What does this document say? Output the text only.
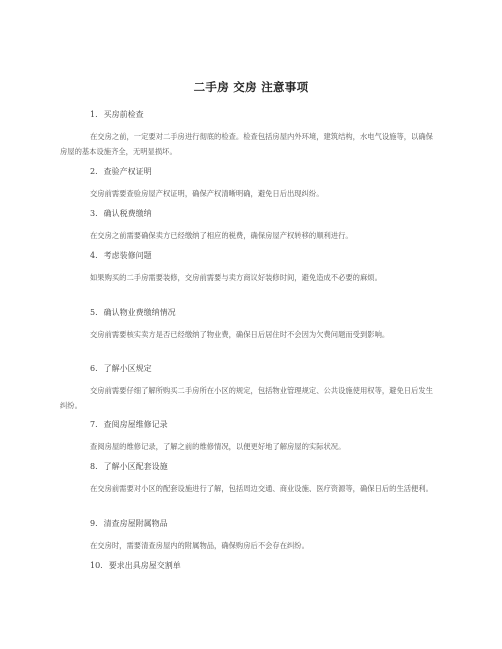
二手房 交房 注意事项
1. 买房前检查
在交房之前，一定要对二手房进行彻底的检查。检查包括房屋内外环境，建筑结构，水电气设施等，以确保房屋的基本设施齐全，无明显损坏。
2. 查验产权证明
交房前需要查验房屋产权证明，确保产权清晰明确，避免日后出现纠纷。
3. 确认税费缴纳
在交房之前需要确保卖方已经缴纳了相应的税费，确保房屋产权转移的顺利进行。
4. 考虑装修问题
如果购买的二手房需要装修，交房前需要与卖方商议好装修时间，避免造成不必要的麻烦。
5. 确认物业费缴纳情况
交房前需要核实卖方是否已经缴纳了物业费，确保日后居住时不会因为欠费问题而受到影响。
6. 了解小区规定
交房前需要仔细了解所购买二手房所在小区的规定，包括物业管理规定、公共设施使用权等，避免日后发生纠纷。
7. 查阅房屋维修记录
查阅房屋的维修记录，了解之前的维修情况，以便更好地了解房屋的实际状况。
8. 了解小区配套设施
在交房前需要对小区的配套设施进行了解，包括周边交通、商业设施、医疗资源等，确保日后的生活便利。
9. 清查房屋附属物品
在交房时，需要清查房屋内的附属物品，确保购房后不会存在纠纷。
10. 要求出具房屋交割单
